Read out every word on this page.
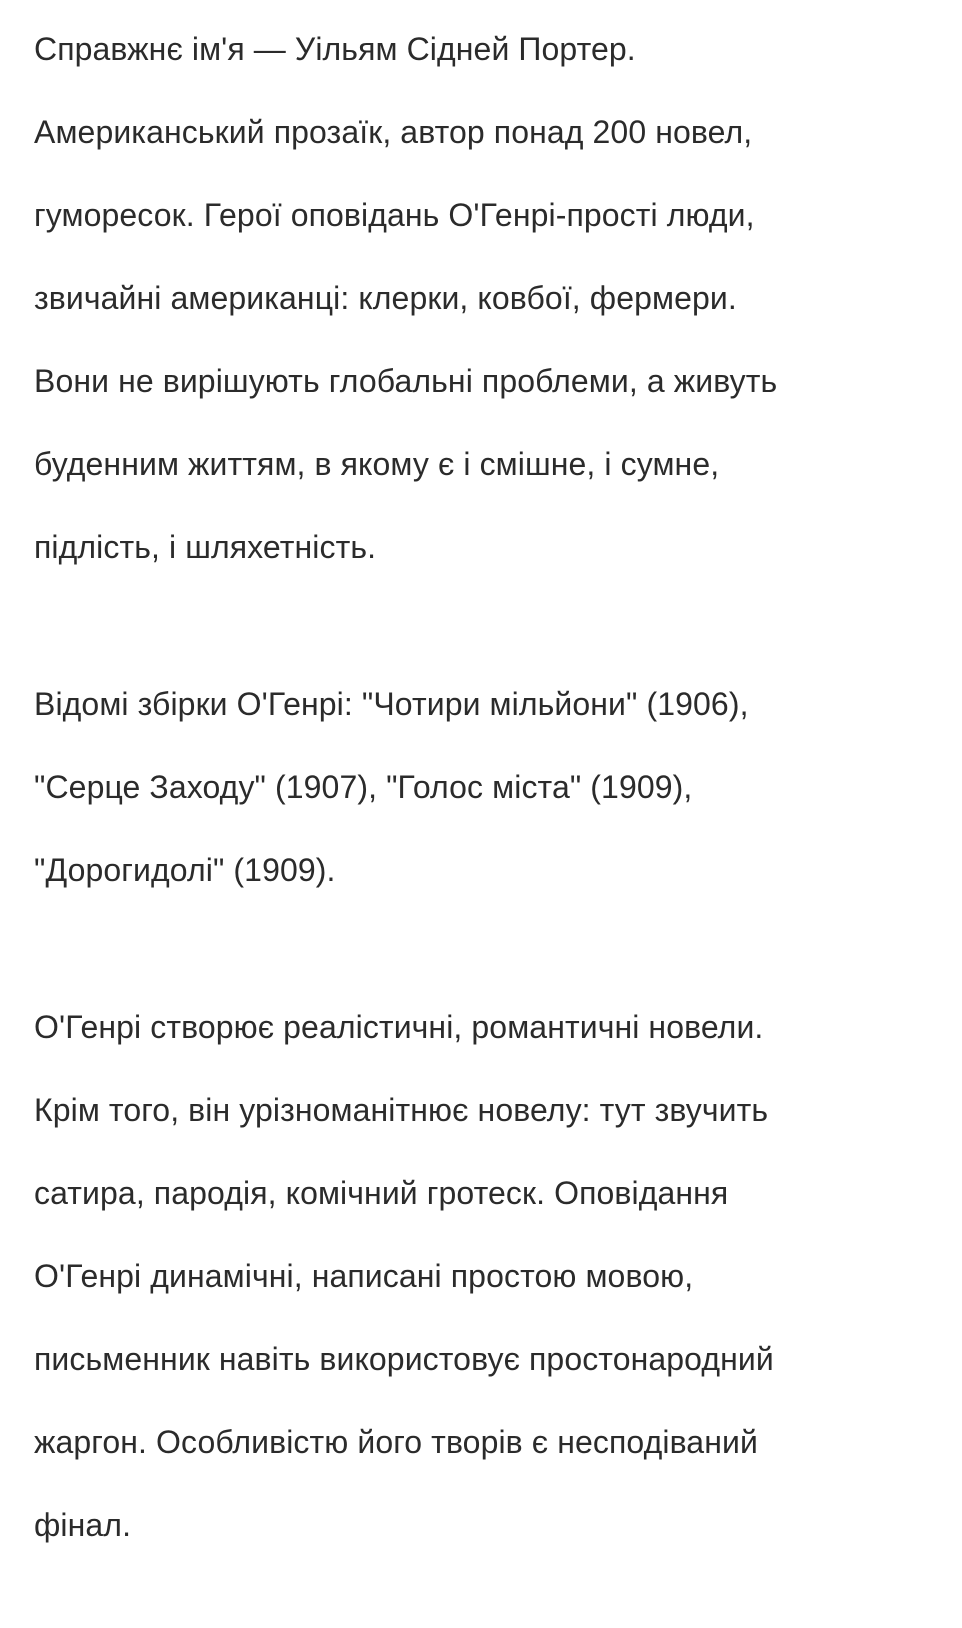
Справжнє ім'я — Уільям Сідней Портер.
Американський прозаїк, автор понад 200 новел,
гуморесок. Герої оповідань О'Генрі-прості люди,
звичайні американці: клерки, ковбої, фермери.
Вони не вирішують глобальні проблеми, а живуть
буденним життям, в якому є і смішне, і сумне,
підлість, і шляхетність.

Відомі збірки О'Генрі: "Чотири мільйони" (1906),
"Серце Заходу" (1907), "Голос міста" (1909),
"Дорогидолі" (1909).

О'Генрі створює реалістичні, романтичні новели.
Крім того, він урізноманітнює новелу: тут звучить
сатира, пародія, комічний гротеск. Оповідання
О'Генрі динамічні, написані простою мовою,
письменник навіть використовує простонародний
жаргон. Особливістю його творів є несподіваний
фінал.
